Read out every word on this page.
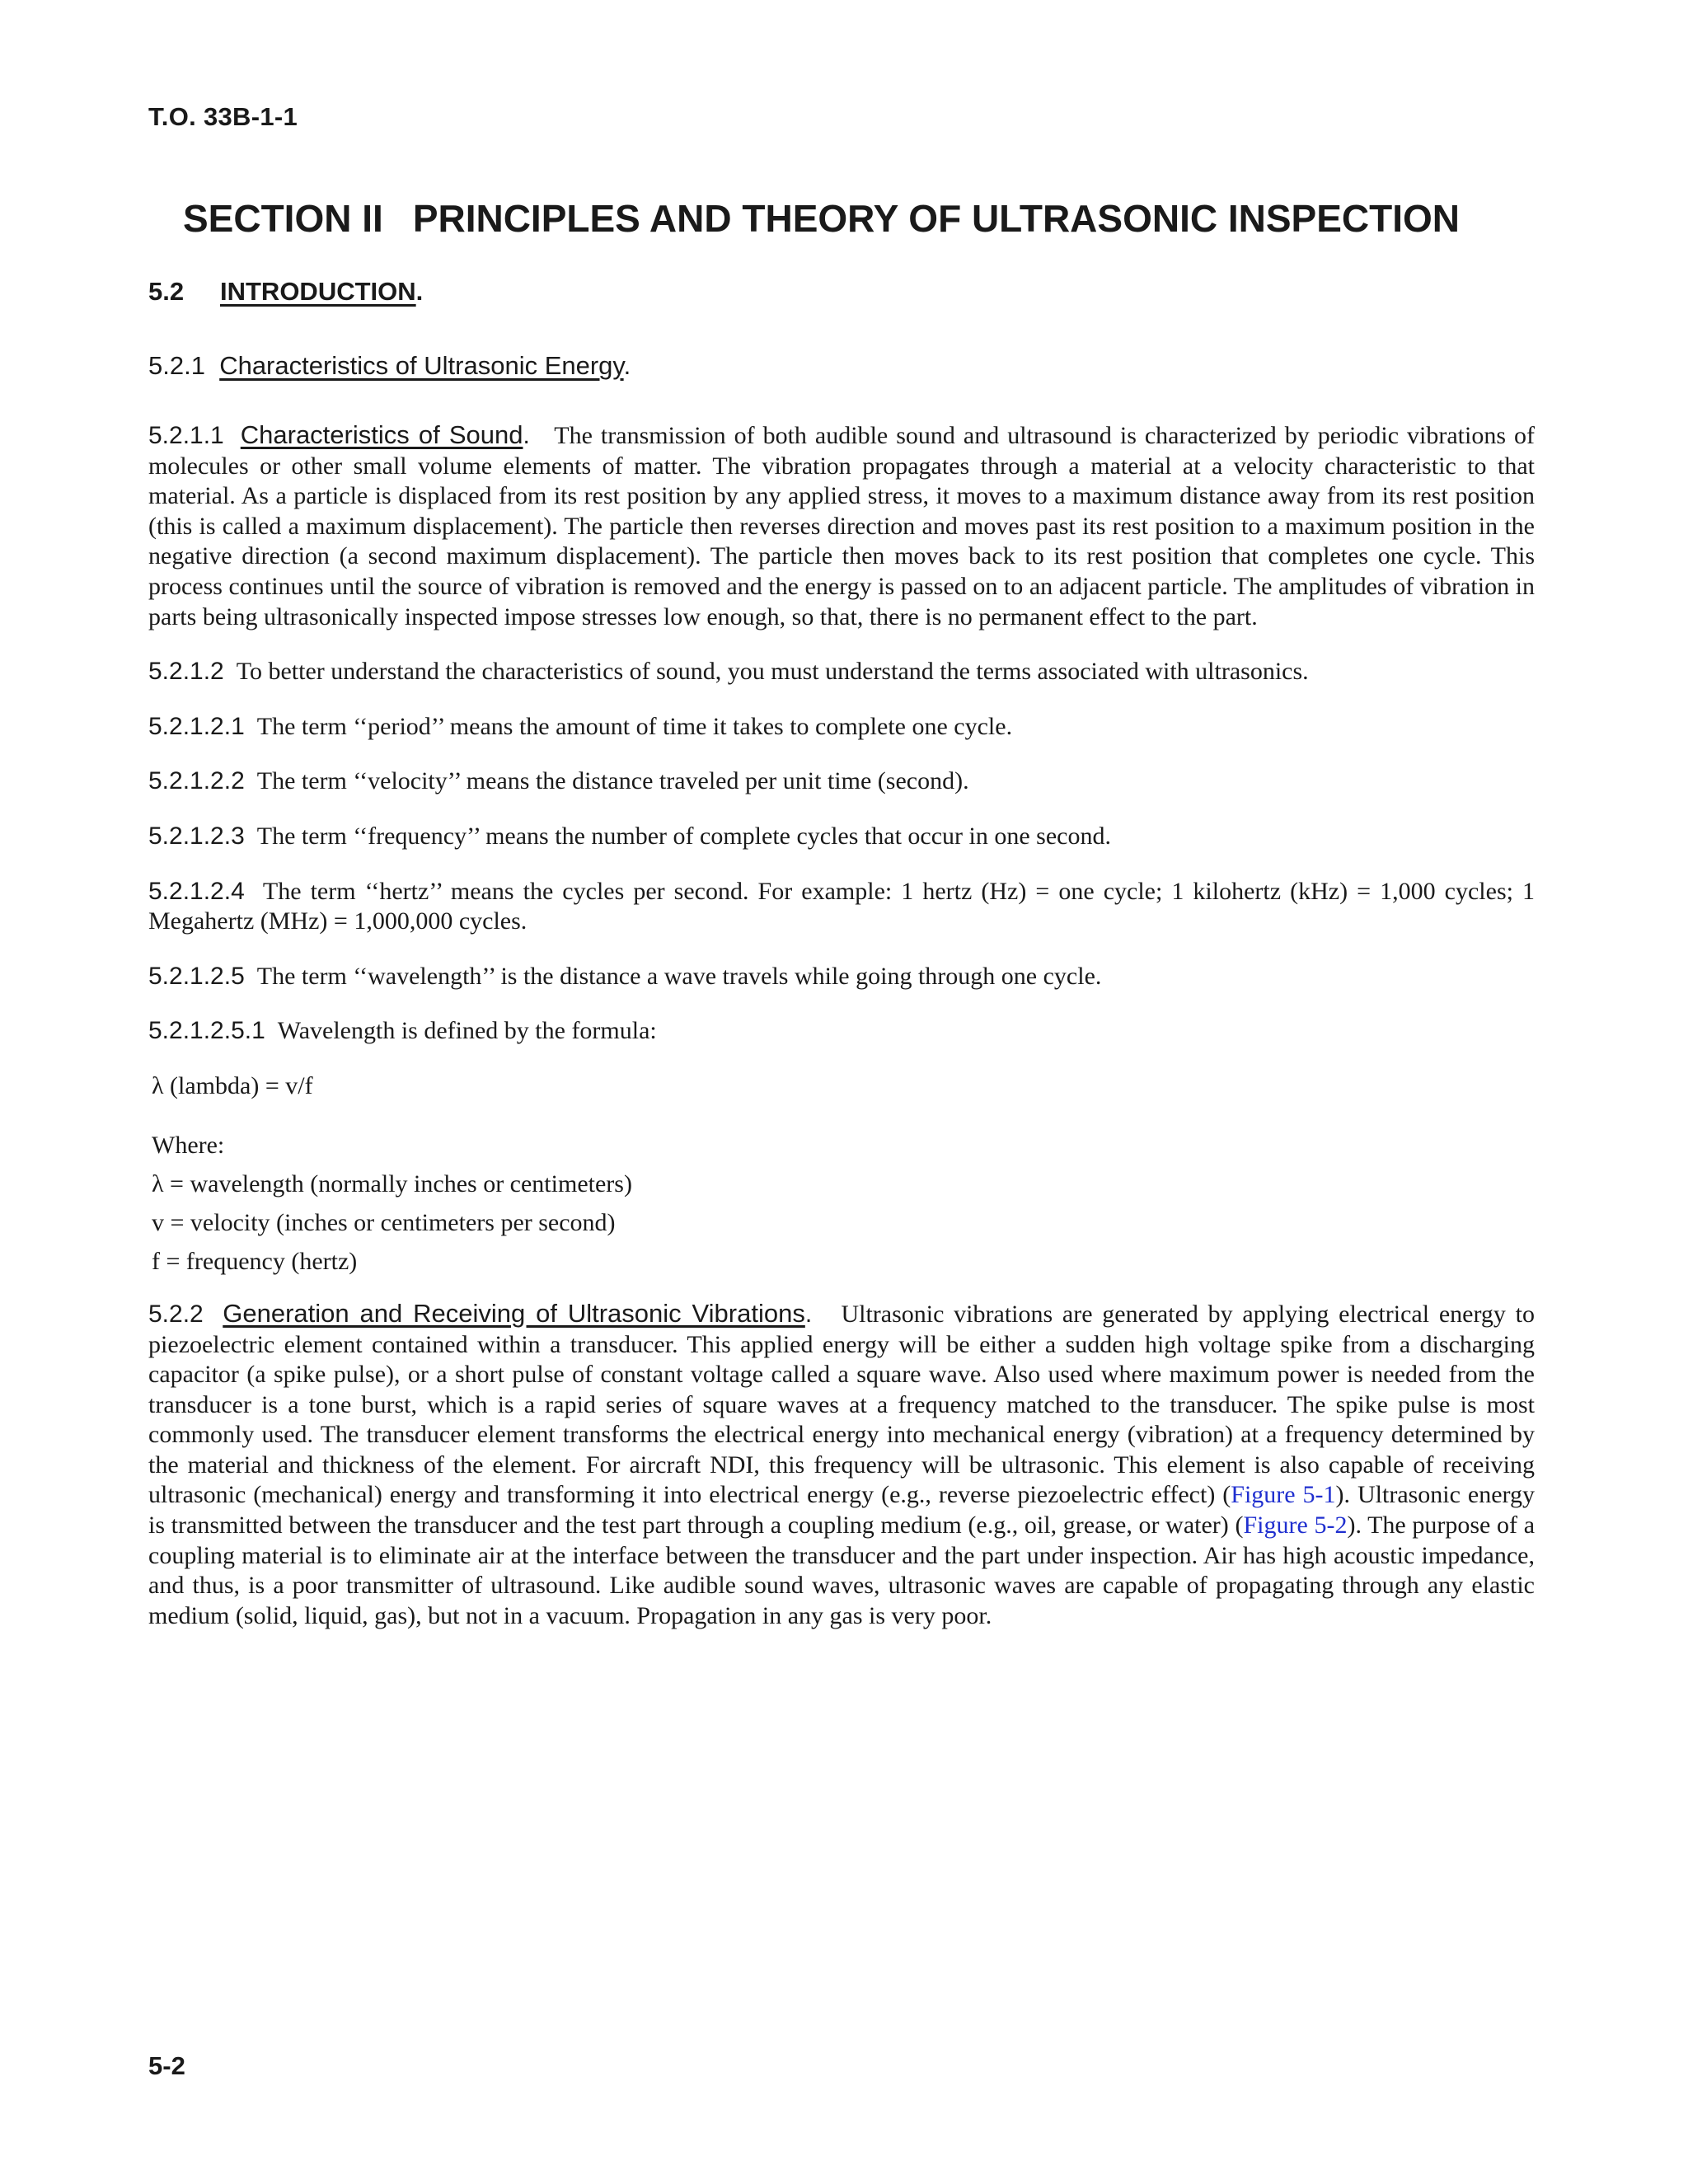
T.O. 33B-1-1
SECTION II PRINCIPLES AND THEORY OF ULTRASONIC INSPECTION
5.2 INTRODUCTION.
5.2.1 Characteristics of Ultrasonic Energy.

5.2.1.1 Characteristics of Sound. The transmission of both audible sound and ultrasound is characterized by periodic vibrations of molecules or other small volume elements of matter. The vibration propagates through a material at a velocity characteristic to that material. As a particle is displaced from its rest position by any applied stress, it moves to a maximum distance away from its rest position (this is called a maximum displacement). The particle then reverses direction and moves past its rest position to a maximum position in the negative direction (a second maximum displacement). The particle then moves back to its rest position that completes one cycle. This process continues until the source of vibration is removed and the energy is passed on to an adjacent particle. The amplitudes of vibration in parts being ultrasonically inspected impose stresses low enough, so that, there is no permanent effect to the part.

5.2.1.2 To better understand the characteristics of sound, you must understand the terms associated with ultrasonics.

5.2.1.2.1 The term ‘‘period’’ means the amount of time it takes to complete one cycle.

5.2.1.2.2 The term ‘‘velocity’’ means the distance traveled per unit time (second).

5.2.1.2.3 The term ‘‘frequency’’ means the number of complete cycles that occur in one second.

5.2.1.2.4 The term ‘‘hertz’’ means the cycles per second. For example: 1 hertz (Hz) = one cycle; 1 kilohertz (kHz) = 1,000 cycles; 1 Megahertz (MHz) = 1,000,000 cycles.

5.2.1.2.5 The term ‘‘wavelength’’ is the distance a wave travels while going through one cycle.

5.2.1.2.5.1 Wavelength is defined by the formula:

λ (lambda) = v/f
Where:
λ = wavelength (normally inches or centimeters)
v = velocity (inches or centimeters per second)
f = frequency (hertz)

5.2.2 Generation and Receiving of Ultrasonic Vibrations. Ultrasonic vibrations are generated by applying electrical energy to piezoelectric element contained within a transducer. This applied energy will be either a sudden high voltage spike from a discharging capacitor (a spike pulse), or a short pulse of constant voltage called a square wave. Also used where maximum power is needed from the transducer is a tone burst, which is a rapid series of square waves at a frequency matched to the transducer. The spike pulse is most commonly used. The transducer element transforms the electrical energy into mechanical energy (vibration) at a frequency determined by the material and thickness of the element. For aircraft NDI, this frequency will be ultrasonic. This element is also capable of receiving ultrasonic (mechanical) energy and transforming it into electrical energy (e.g., reverse piezoelectric effect) (Figure 5-1). Ultrasonic energy is transmitted between the transducer and the test part through a coupling medium (e.g., oil, grease, or water) (Figure 5-2). The purpose of a coupling material is to eliminate air at the interface between the transducer and the part under inspection. Air has high acoustic impedance, and thus, is a poor transmitter of ultrasound. Like audible sound waves, ultrasonic waves are capable of propagating through any elastic medium (solid, liquid, gas), but not in a vacuum. Propagation in any gas is very poor.

5-2
